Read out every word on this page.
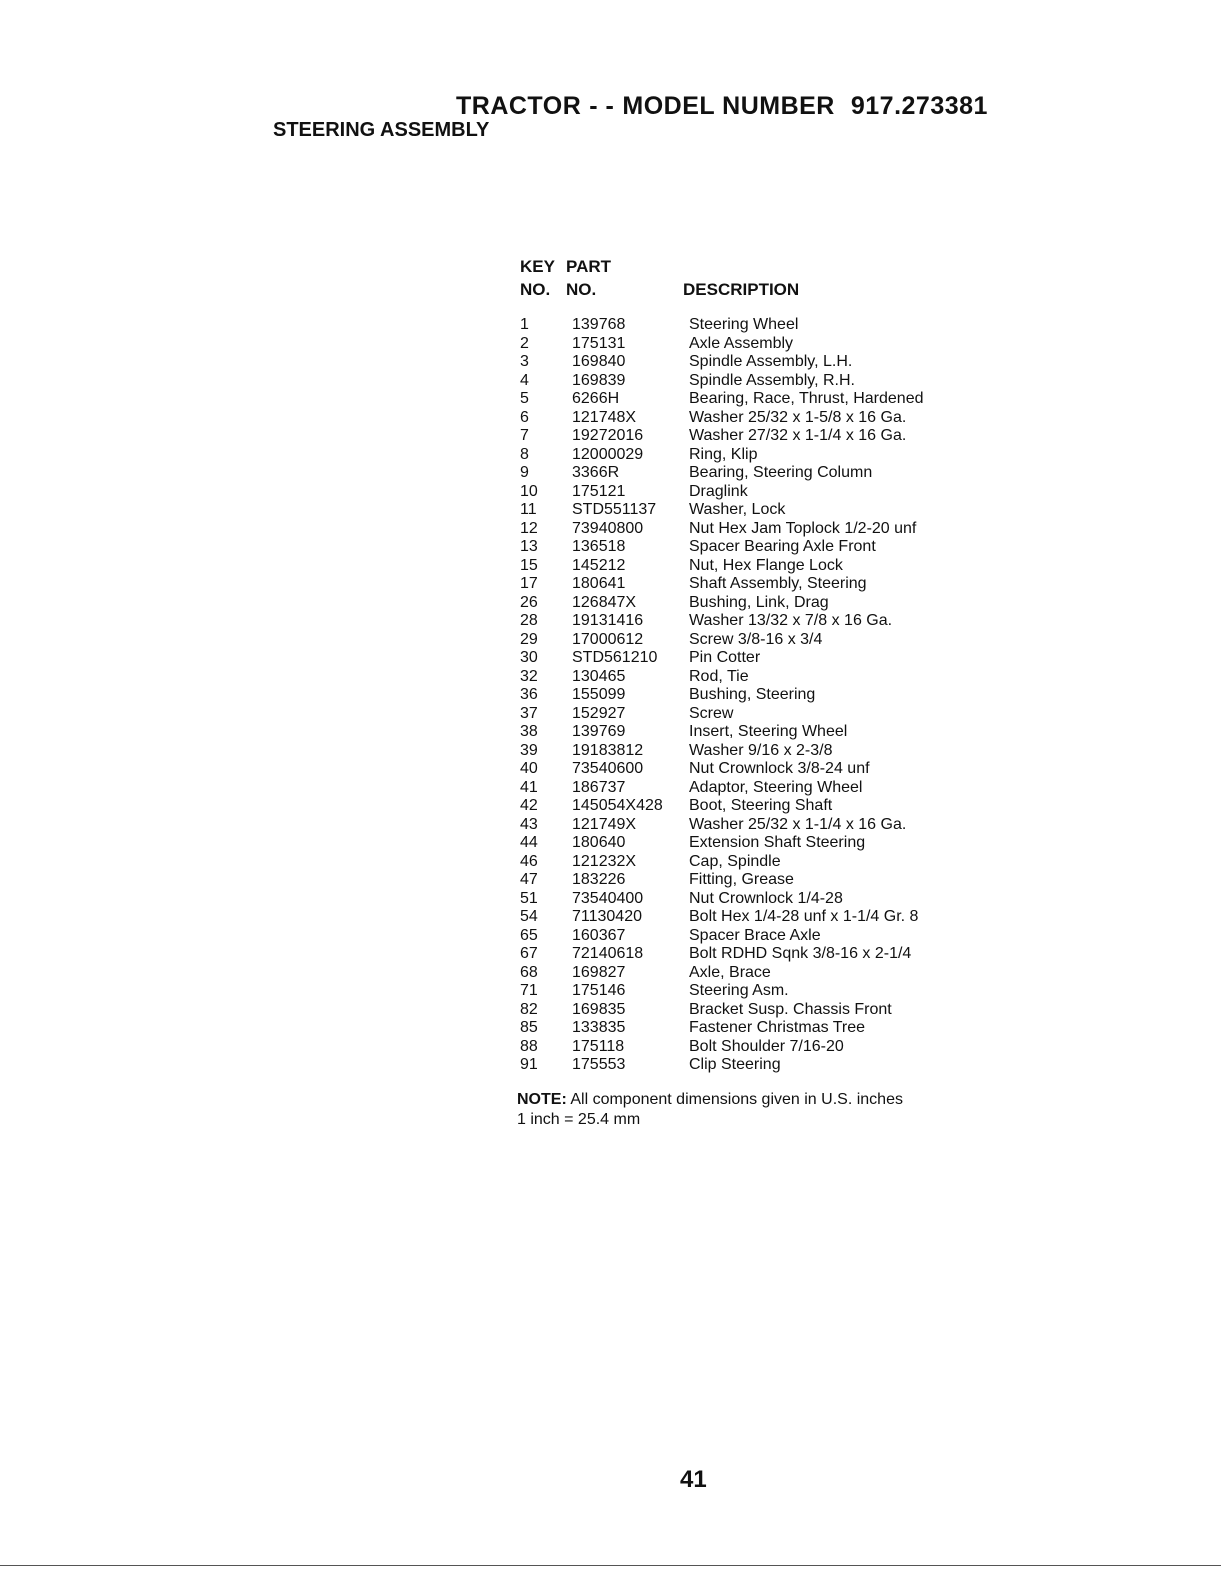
TRACTOR - - MODEL NUMBER 917.273381
STEERING ASSEMBLY
KEY
NO.
PART
NO.	DESCRIPTION
1	139768	Steering Wheel
2	175131	Axle Assembly
3	169840	Spindle Assembly, L.H.
4	169839	Spindle Assembly, R.H.
5	6266H	Bearing, Race, Thrust, Hardened
6	121748X	Washer 25/32 x 1-5/8 x 16 Ga.
7	19272016	Washer 27/32 x 1-1/4 x 16 Ga.
8	12000029	Ring, Klip
9	3366R	Bearing, Steering Column
10 175121	Draglink
11 STD551137 Washer, Lock
12 73940800	Nut Hex Jam Toplock 1/2-20 unf
13 136518	Spacer Bearing Axle Front
15 145212	Nut, Hex Flange Lock
17 180641	Shaft Assembly, Steering
26 126847X	Bushing, Link, Drag
28 19131416	Washer 13/32 x 7/8 x 16 Ga.
29 17000612	Screw 3/8-16 x 3/4
30 STD561210 Pin Cotter
32 130465	Rod, Tie
36 155099	Bushing, Steering
37 152927	Screw
38 139769	Insert, Steering Wheel
39 19183812	Washer 9/16 x 2-3/8
40 73540600	Nut Crownlock 3/8-24 unf
41 186737	Adaptor, Steering Wheel
42 145054X428 Boot, Steering Shaft
43 121749X	Washer 25/32 x 1-1/4 x 16 Ga.
44 180640	Extension Shaft Steering
46 121232X	Cap, Spindle
47 183226	Fitting, Grease
51 73540400	Nut Crownlock 1/4-28
54 71130420	Bolt Hex 1/4-28 unf x 1-1/4 Gr. 8
65 160367	Spacer Brace Axle
67 72140618	Bolt RDHD Sqnk 3/8-16 x 2-1/4
68 169827	Axle, Brace
71 175146	Steering Asm.
82 169835	Bracket Susp. Chassis Front
85 133835	Fastener Christmas Tree
88 175118	Bolt Shoulder 7/16-20
91 175553	Clip Steering
NOTE: All component dimensions given in U.S. inches
1 inch = 25.4 mm
41
